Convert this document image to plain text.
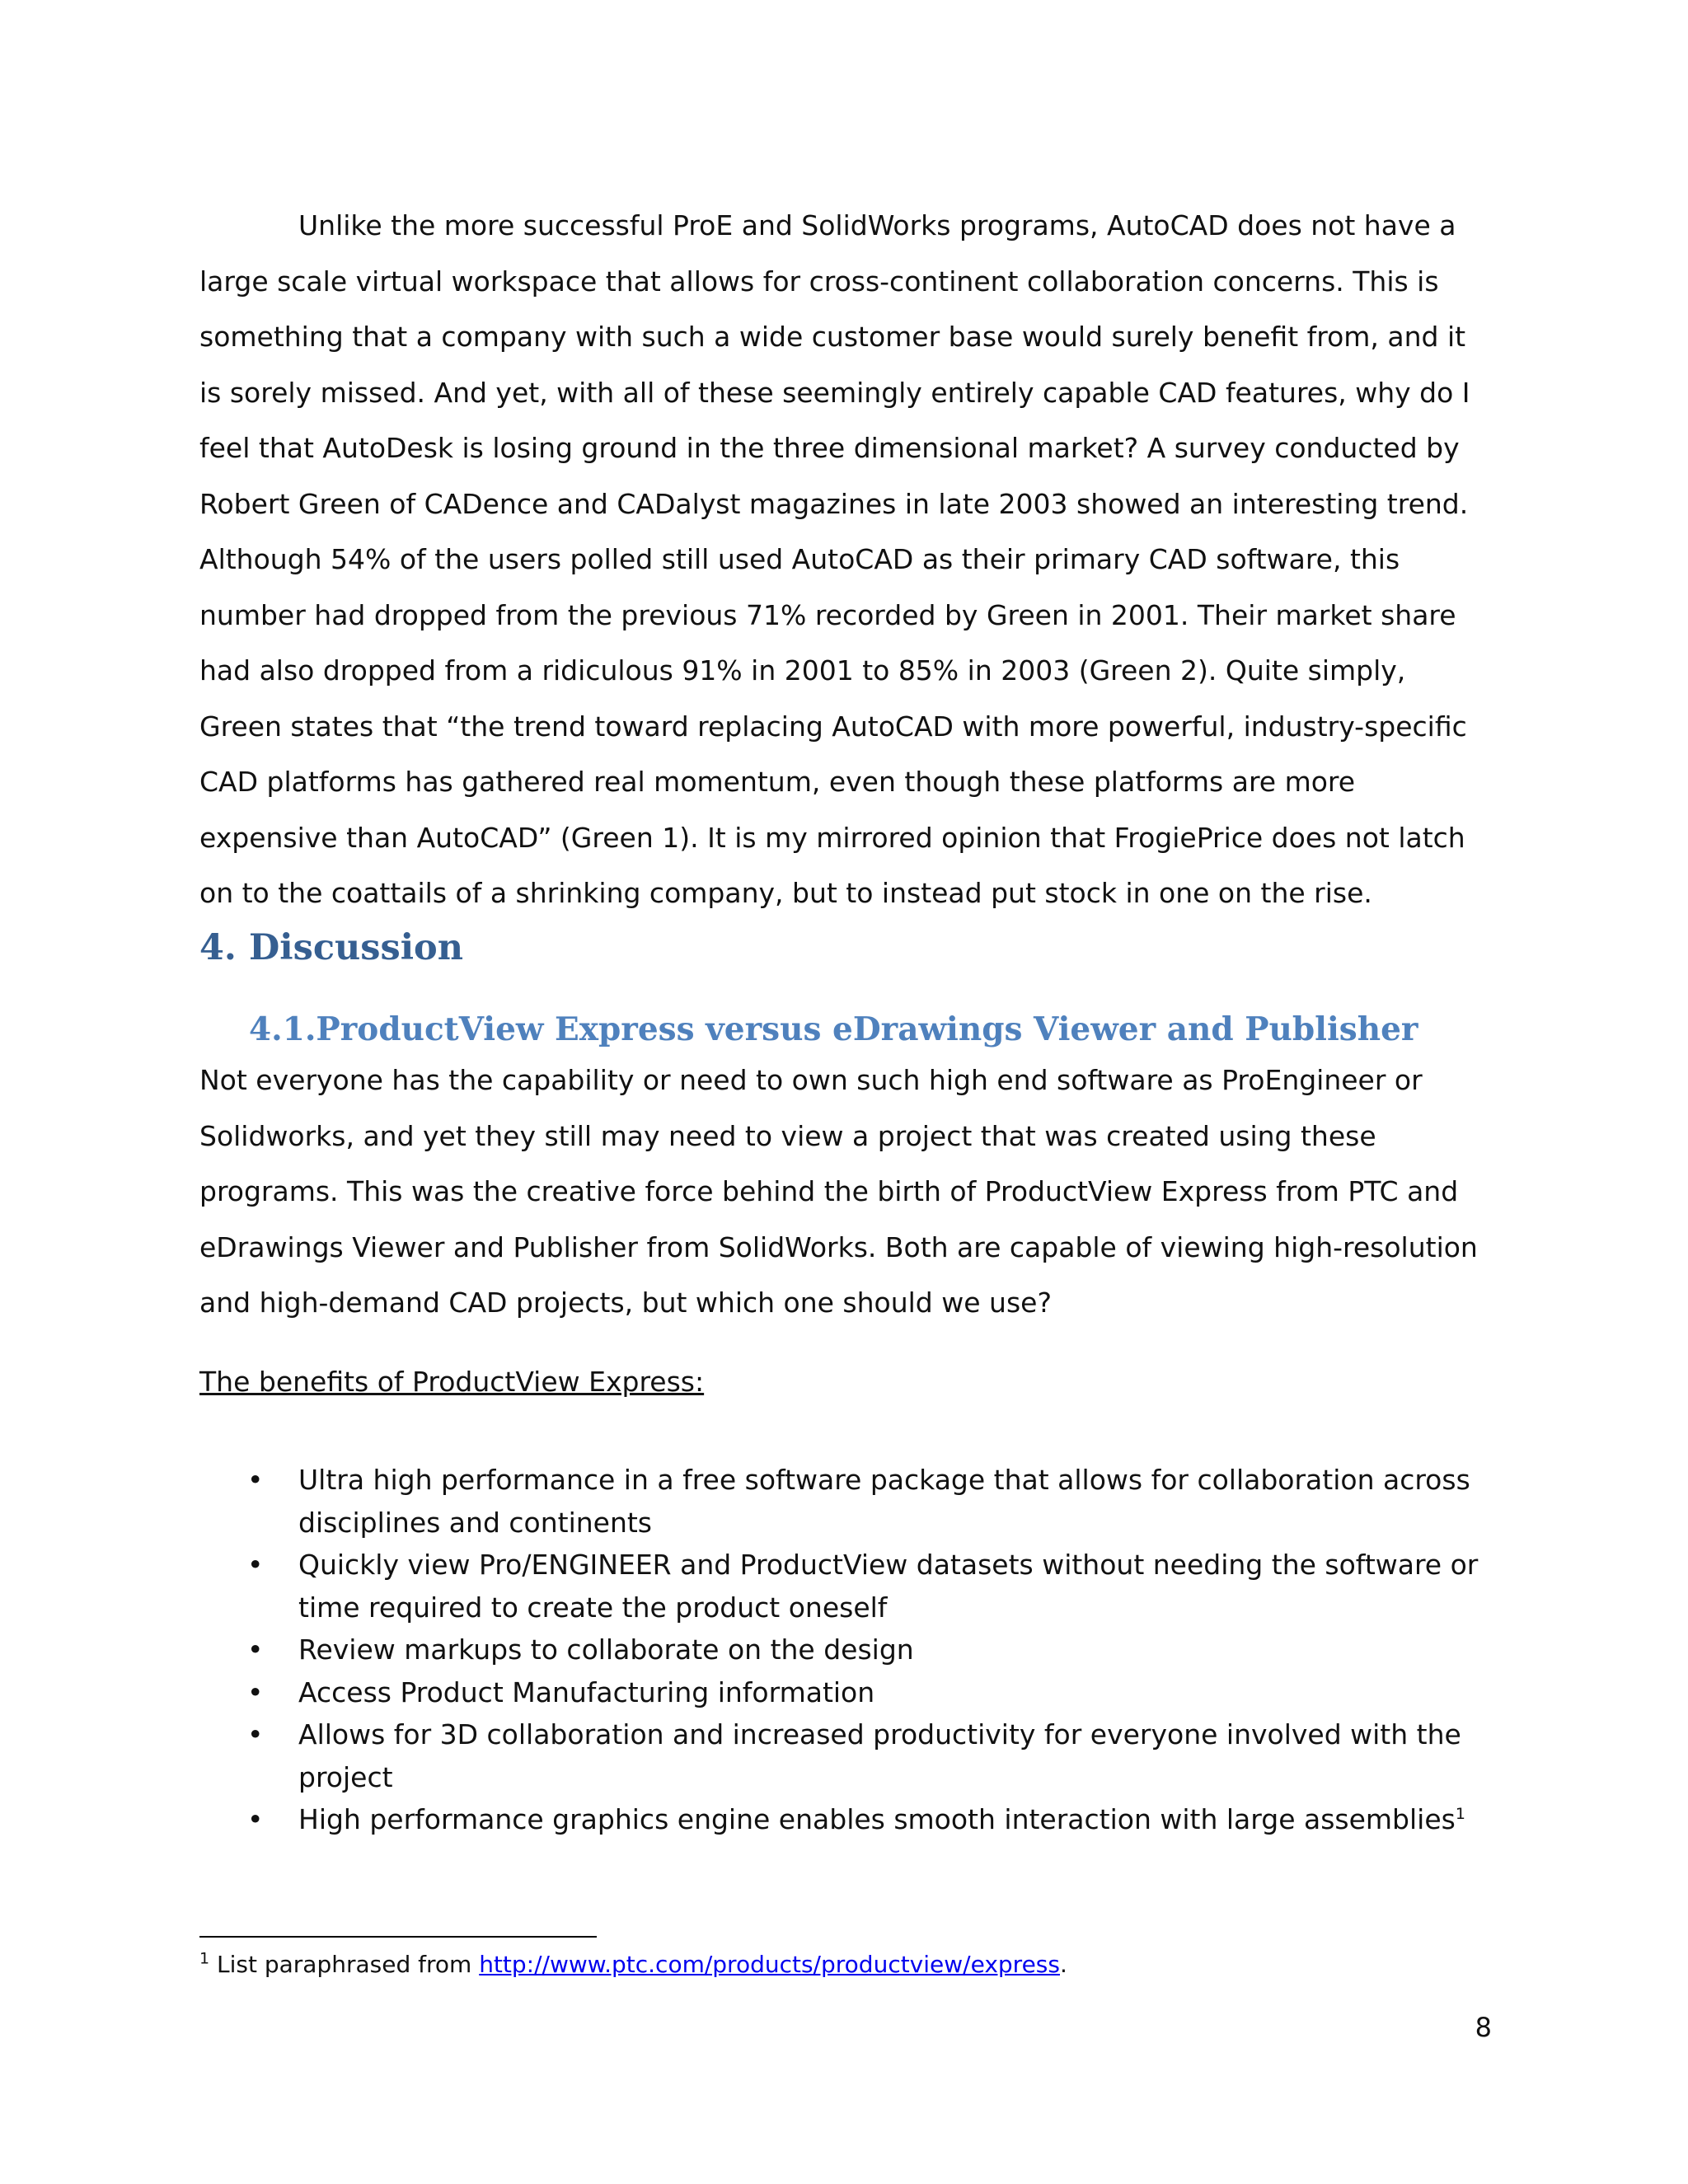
Unlike the more successful ProE and SolidWorks programs, AutoCAD does not have a large scale virtual workspace that allows for cross-continent collaboration concerns. This is something that a company with such a wide customer base would surely benefit from, and it is sorely missed. And yet, with all of these seemingly entirely capable CAD features, why do I feel that AutoDesk is losing ground in the three dimensional market? A survey conducted by Robert Green of CADence and CADalyst magazines in late 2003 showed an interesting trend. Although 54% of the users polled still used AutoCAD as their primary CAD software, this number had dropped from the previous 71% recorded by Green in 2001. Their market share had also dropped from a ridiculous 91% in 2001 to 85% in 2003 (Green 2). Quite simply, Green states that “the trend toward replacing AutoCAD with more powerful, industry-specific CAD platforms has gathered real momentum, even though these platforms are more expensive than AutoCAD” (Green 1). It is my mirrored opinion that FrogiePrice does not latch on to the coattails of a shrinking company, but to instead put stock in one on the rise.

4. Discussion
4.1.ProductView Express versus eDrawings Viewer and Publisher

Not everyone has the capability or need to own such high end software as ProEngineer or Solidworks, and yet they still may need to view a project that was created using these programs. This was the creative force behind the birth of ProductView Express from PTC and eDrawings Viewer and Publisher from SolidWorks. Both are capable of viewing high-resolution and high-demand CAD projects, but which one should we use?

The benefits of ProductView Express:

• Ultra high performance in a free software package that allows for collaboration across disciplines and continents
• Quickly view Pro/ENGINEER and ProductView datasets without needing the software or time required to create the product oneself
• Review markups to collaborate on the design
• Access Product Manufacturing information
• Allows for 3D collaboration and increased productivity for everyone involved with the project
• High performance graphics engine enables smooth interaction with large assemblies$^1$

$^1$ List paraphrased from http://www.ptc.com/products/productview/express.

8
